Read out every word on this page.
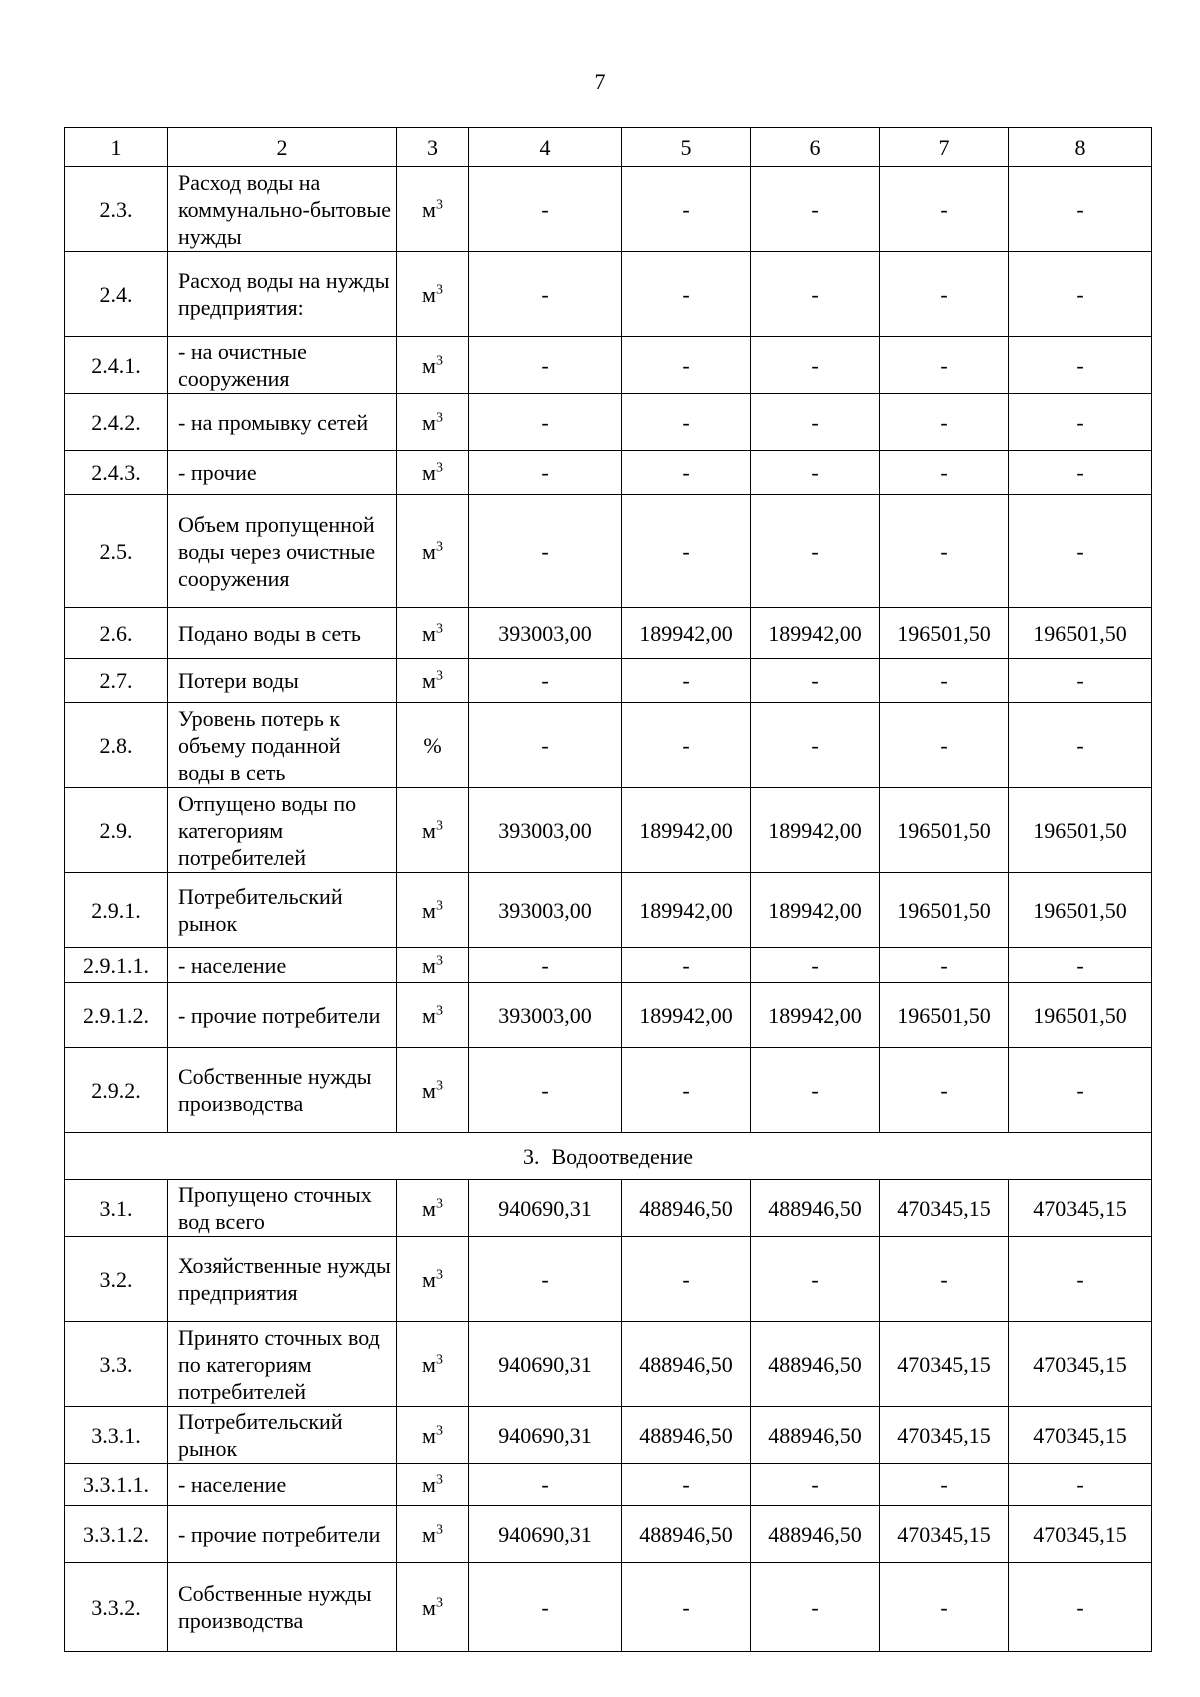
7
1	2	3	4	5	6	7	8
2.3.	Расход воды на коммунально-бытовые нужды	$м^3$	-	-	-	-	-
2.4.	Расход воды на нужды предприятия:	$м^3$	-	-	-	-	-
2.4.1.	- на очистные сооружения	$м^3$	-	-	-	-	-
2.4.2.	- на промывку сетей	$м^3$	-	-	-	-	-
2.4.3.	- прочие	$м^3$	-	-	-	-	-
2.5.	Объем пропущенной воды через очистные сооружения	$м^3$	-	-	-	-	-
2.6.	Подано воды в сеть	$м^3$	393003,00	189942,00	189942,00	196501,50	196501,50
2.7.	Потери воды	$м^3$	-	-	-	-	-
2.8.	Уровень потерь к объему поданной воды в сеть	%	-	-	-	-	-
2.9.	Отпущено воды по категориям потребителей	$м^3$	393003,00	189942,00	189942,00	196501,50	196501,50
2.9.1.	Потребительский рынок	$м^3$	393003,00	189942,00	189942,00	196501,50	196501,50
2.9.1.1.	- население	$м^3$	-	-	-	-	-
2.9.1.2.	- прочие потребители	$м^3$	393003,00	189942,00	189942,00	196501,50	196501,50
2.9.2.	Собственные нужды производства	$м^3$	-	-	-	-	-
3. Водоотведение							
3.1.	Пропущено сточных вод всего	$м^3$	940690,31	488946,50	488946,50	470345,15	470345,15
3.2.	Хозяйственные нужды предприятия	$м^3$	-	-	-	-	-
3.3.	Принято сточных вод по категориям потребителей	$м^3$	940690,31	488946,50	488946,50	470345,15	470345,15
3.3.1.	Потребительский рынок	$м^3$	940690,31	488946,50	488946,50	470345,15	470345,15
3.3.1.1.	- население	$м^3$	-	-	-	-	-
3.3.1.2.	- прочие потребители	$м^3$	940690,31	488946,50	488946,50	470345,15	470345,15
3.3.2.	Собственные нужды производства	$м^3$	-	-	-	-	-
